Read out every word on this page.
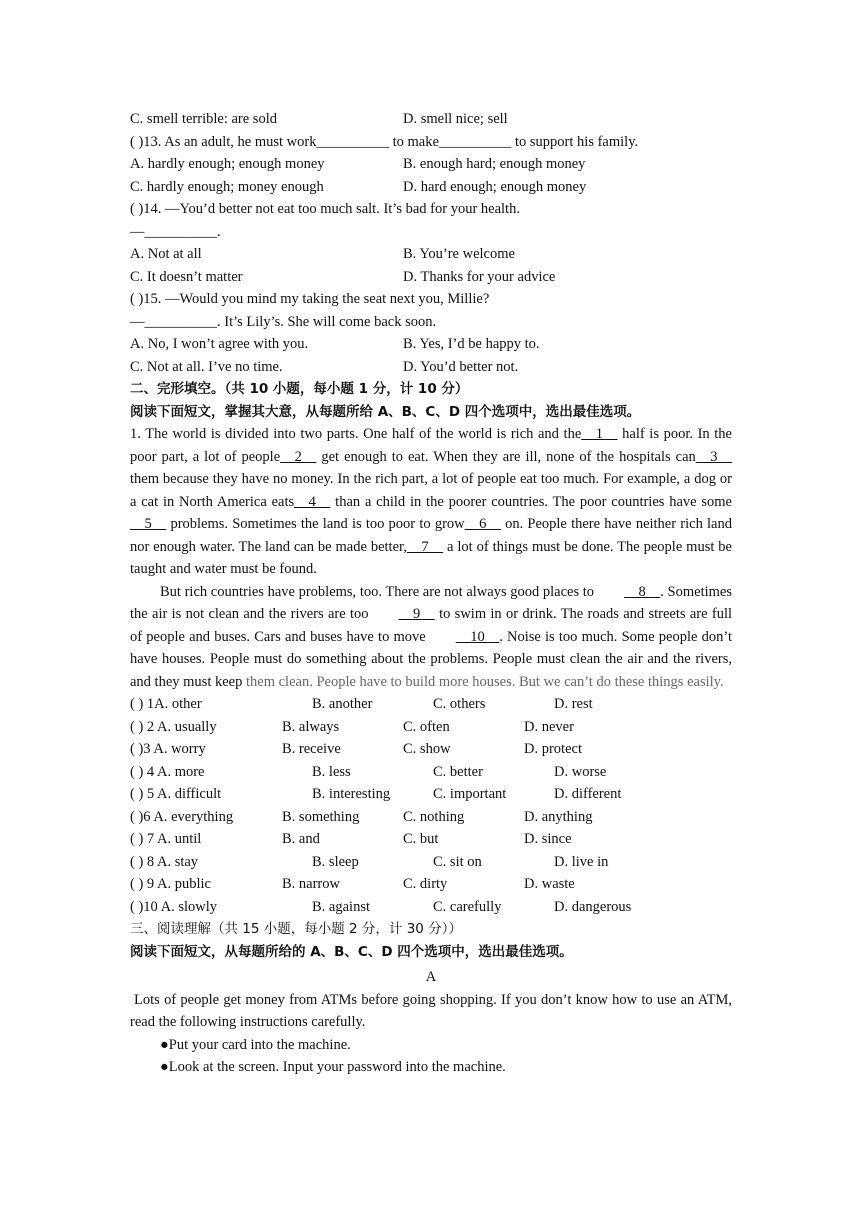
C. smell terrible: are sold	D. smell nice; sell
( )13. As an adult, he must work__________ to make__________ to support his family.
A. hardly enough; enough money	B. enough hard; enough money
C. hardly enough; money enough	D. hard enough; enough money
( )14. —You’d better not eat too much salt. It’s bad for your health.
—__________.
A. Not at all	B. You’re welcome
C. It doesn’t matter	D. Thanks for your advice
( )15. —Would you mind my taking the seat next you, Millie?
—__________. It’s Lily’s. She will come back soon.
A. No, I won’t agree with you.	B. Yes, I’d be happy to.
C. Not at all. I’ve no time.	D. You’d better not.
二、完形填空。（共 10 小题，每小题 1 分，计 10 分）
阅读下面短文，掌握其大意，从每题所给 A、B、C、D 四个选项中，选出最佳选项。

1. The world is divided into two parts. One half of the world is rich and the    1     half is poor. In the poor part, a lot of people    2     get enough to eat. When they are ill, none of the hospitals can    3     them because they have no money. In the rich part, a lot of people eat too much. For example, a dog or a cat in North America eats    4     than a child in the poorer countries. The poor countries have some    5     problems. Sometimes the land is too poor to grow    6     on. People there have neither rich land nor enough water. The land can be made better,    7     a lot of things must be done. The people must be taught and water must be found.

But rich countries have problems, too. There are not always good places to    8    . Sometimes the air is not clean and the rivers are too    9     to swim in or drink. The roads and streets are full of people and buses. Cars and buses have to move    10    . Noise is too much. Some people don’t have houses. People must do something about the problems. People must clean the air and the rivers, and they must keep them clean. People have to build more houses. But we can’t do these things easily.

( ) 1A. other	B. another	C. others	D. rest
( ) 2 A. usually	B. always	C. often	D. never
( )3 A. worry	B. receive	C. show	D. protect
( ) 4 A. more	B. less	C. better	D. worse
( ) 5 A. difficult	B. interesting	C. important	D. different
( )6 A. everything	B. something	C. nothing	D. anything
( ) 7 A. until	B. and	C. but	D. since
( ) 8 A. stay	B. sleep	C. sit on	D. live in
( ) 9 A. public	B. narrow	C. dirty	D. waste
( )10 A. slowly	B. against	C. carefully	D. dangerous
三、阅读理解（共 15 小题，每小题 2 分，计 30 分））
阅读下面短文，从每题所给的 A、B、C、D 四个选项中，选出最佳选项。
A

Lots of people get money from ATMs before going shopping. If you don’t know how to use an ATM, read the following instructions carefully.

●Put your card into the machine.
●Look at the screen. Input your password into the machine.
